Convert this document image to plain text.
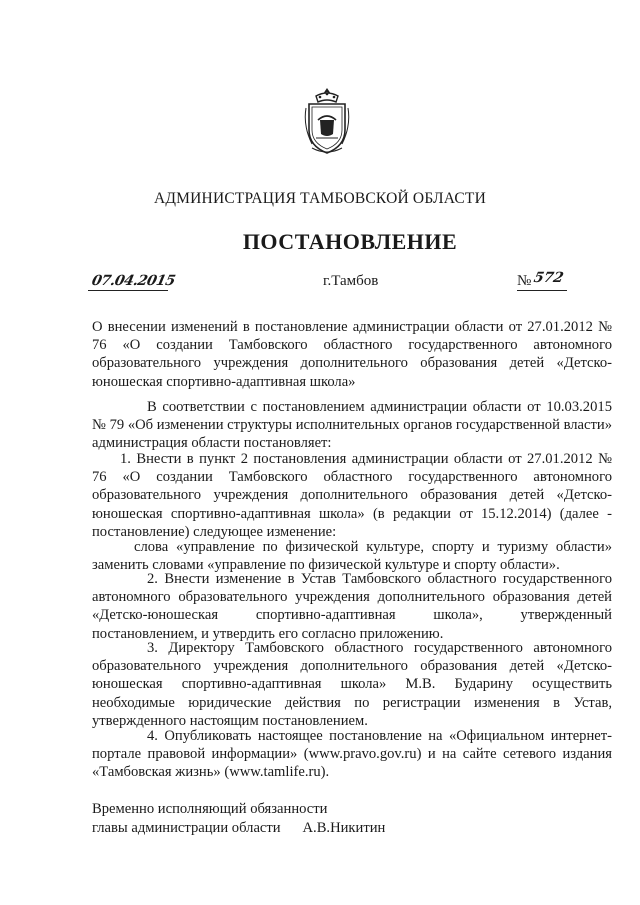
АДМИНИСТРАЦИЯ ТАМБОВСКОЙ ОБЛАСТИ
ПОСТАНОВЛЕНИЕ
07.04.2015	г.Тамбов	№ 572
О внесении изменений в постановление администрации области от 27.01.2012 № 76 «О создании Тамбовского областного государственного автономного образовательного учреждения дополнительного образования детей «Детско-юношеская спортивно-адаптивная школа»
В соответствии с постановлением администрации области от 10.03.2015 № 79 «Об изменении структуры исполнительных органов государственной власти» администрация области постановляет:
1. Внести в пункт 2 постановления администрации области от 27.01.2012 № 76 «О создании Тамбовского областного государственного автономного образовательного учреждения дополнительного образования детей «Детско-юношеская спортивно-адаптивная школа» (в редакции от 15.12.2014) (далее - постановление) следующее изменение:
слова «управление по физической культуре, спорту и туризму области» заменить словами «управление по физической культуре и спорту области».
2. Внести изменение в Устав Тамбовского областного государственного автономного образовательного учреждения дополнительного образования детей «Детско-юношеская спортивно-адаптивная школа», утвержденный постановлением, и утвердить его согласно приложению.
3. Директору Тамбовского областного государственного автономного образовательного учреждения дополнительного образования детей «Детско-юношеская спортивно-адаптивная школа» М.В. Бударину осуществить необходимые юридические действия по регистрации изменения в Устав, утвержденного настоящим постановлением.
4. Опубликовать настоящее постановление на «Официальном интернет-портале правовой информации» (www.pravo.gov.ru) и на сайте сетевого издания «Тамбовская жизнь» (www.tamlife.ru).
Временно исполняющий обязанности
главы администрации области А.В.Никитин
